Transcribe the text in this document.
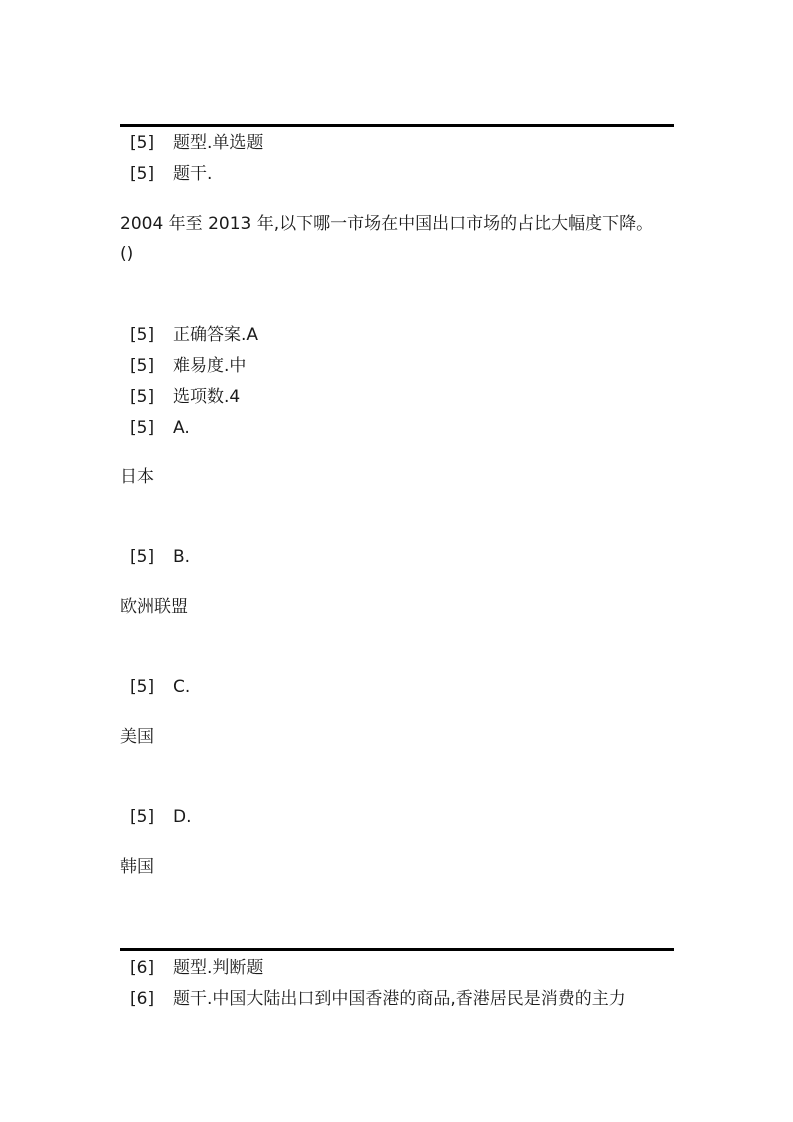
[5] 题型.单选题
[5] 题干.
2004 年至 2013 年,以下哪一市场在中国出口市场的占比大幅度下降。
()
[5] 正确答案.A
[5] 难易度.中
[5] 选项数.4
[5] A.
日本
[5] B.
欧洲联盟
[5] C.
美国
[5] D.
韩国
[6] 题型.判断题
[6] 题干.中国大陆出口到中国香港的商品,香港居民是消费的主力
